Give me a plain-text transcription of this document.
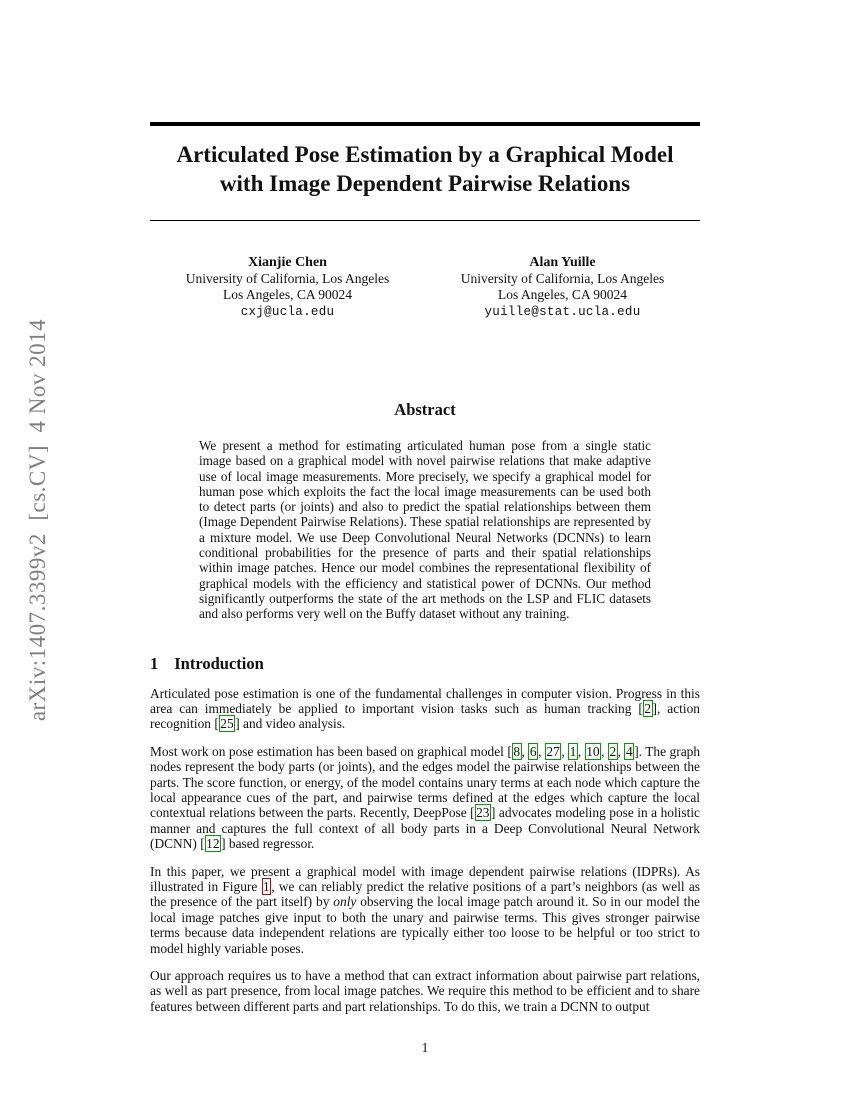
arXiv:1407.3399v2  [cs.CV]  4 Nov 2014
Articulated Pose Estimation by a Graphical Model
with Image Dependent Pairwise Relations
Xianjie Chen
University of California, Los Angeles
Los Angeles, CA 90024
cxj@ucla.edu
Alan Yuille
University of California, Los Angeles
Los Angeles, CA 90024
yuille@stat.ucla.edu
Abstract

We present a method for estimating articulated human pose from a single static image based on a graphical model with novel pairwise relations that make adaptive use of local image measurements. More precisely, we specify a graphical model for human pose which exploits the fact the local image measurements can be used both to detect parts (or joints) and also to predict the spatial relationships between them (Image Dependent Pairwise Relations). These spatial relationships are represented by a mixture model. We use Deep Convolutional Neural Networks (DCNNs) to learn conditional probabilities for the presence of parts and their spatial relationships within image patches. Hence our model combines the representational flexibility of graphical models with the efficiency and statistical power of DCNNs. Our method significantly outperforms the state of the art methods on the LSP and FLIC datasets and also performs very well on the Buffy dataset without any training.

1 Introduction

Articulated pose estimation is one of the fundamental challenges in computer vision. Progress in this area can immediately be applied to important vision tasks such as human tracking [ 2 ], action recognition [ 25 ] and video analysis.

Most work on pose estimation has been based on graphical model [ 8 , 6 , 27 , 1 , 10 , 2 , 4 ]. The graph nodes represent the body parts (or joints), and the edges model the pairwise relationships between the parts. The score function, or energy, of the model contains unary terms at each node which capture the local appearance cues of the part, and pairwise terms defined at the edges which capture the local contextual relations between the parts. Recently, DeepPose [ 23 ] advocates modeling pose in a holistic manner and captures the full context of all body parts in a Deep Convolutional Neural Network (DCNN) [ 12 ] based regressor.

In this paper, we present a graphical model with image dependent pairwise relations (IDPRs). As illustrated in Figure 1 , we can reliably predict the relative positions of a part’s neighbors (as well as the presence of the part itself) by only observing the local image patch around it. So in our model the local image patches give input to both the unary and pairwise terms. This gives stronger pairwise terms because data independent relations are typically either too loose to be helpful or too strict to model highly variable poses.

Our approach requires us to have a method that can extract information about pairwise part relations, as well as part presence, from local image patches. We require this method to be efficient and to share features between different parts and part relationships. To do this, we train a DCNN to output

1
